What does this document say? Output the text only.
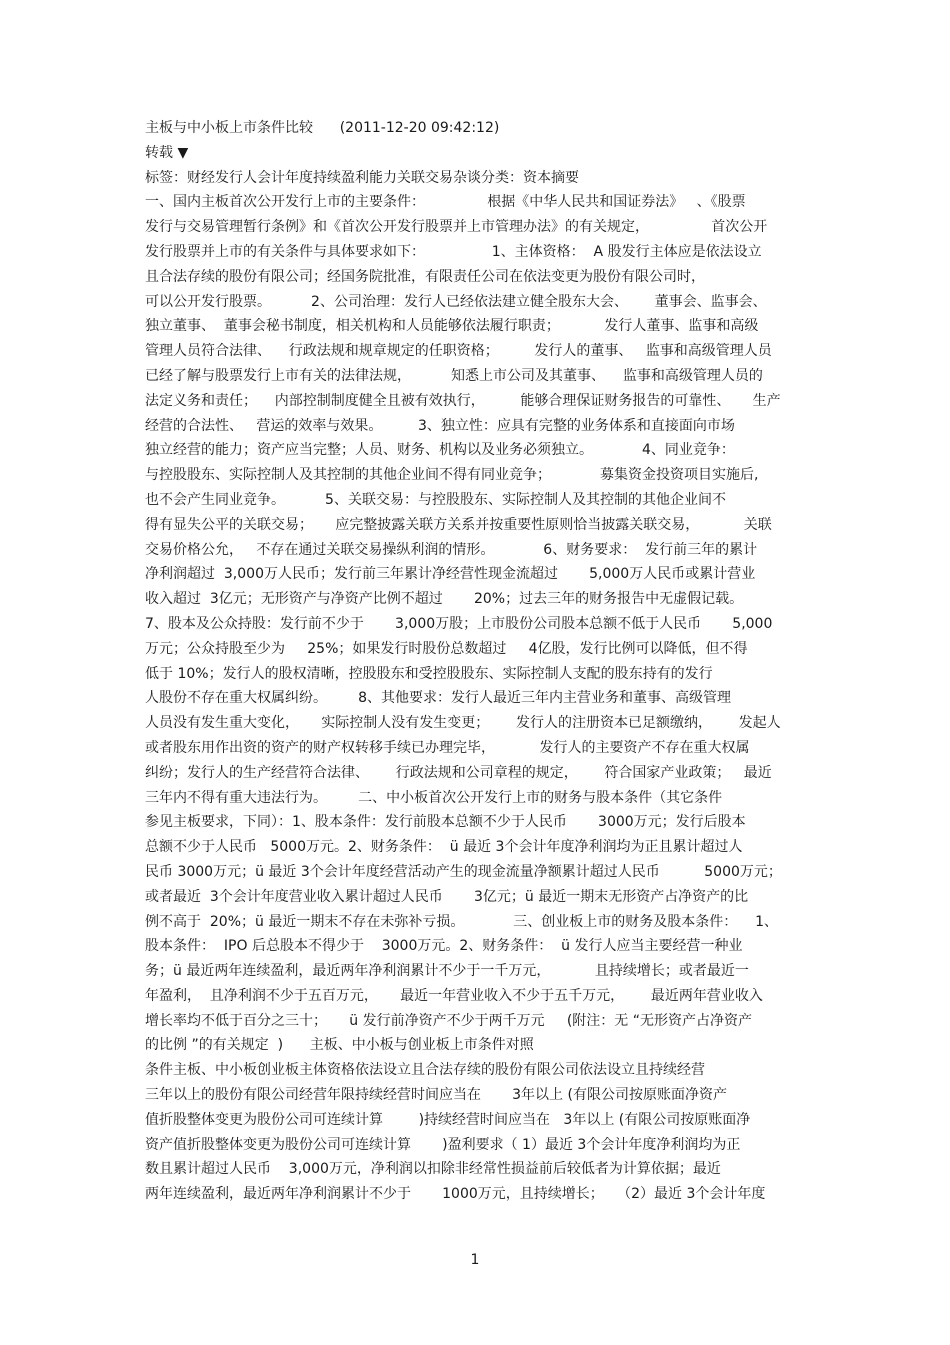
主板与中小板上市条件比较      (2011-12-20 09:42:12)
转载 ▼
标签：财经发行人会计年度持续盈利能力关联交易杂谈分类：资本摘要
一、国内主板首次公开发行上市的主要条件：              根据《中华人民共和国证券法》   、《股票
发行与交易管理暂行条例》和《首次公开发行股票并上市管理办法》的有关规定，              首次公开
发行股票并上市的有关条件与具体要求如下：               1、主体资格：  A 股发行主体应是依法设立
且合法存续的股份有限公司；经国务院批准，有限责任公司在依法变更为股份有限公司时，
可以公开发行股票。         2、公司治理：发行人已经依法建立健全股东大会、      董事会、监事会、
独立董事、  董事会秘书制度，相关机构和人员能够依法履行职责；          发行人董事、监事和高级
管理人员符合法律、    行政法规和规章规定的任职资格；        发行人的董事、   监事和高级管理人员
已经了解与股票发行上市有关的法律法规，         知悉上市公司及其董事、    监事和高级管理人员的
法定义务和责任；    内部控制制度健全且被有效执行，        能够合理保证财务报告的可靠性、     生产
经营的合法性、   营运的效率与效果。        3、独立性：应具有完整的业务体系和直接面向市场
独立经营的能力；资产应当完整；人员、财务、机构以及业务必须独立。           4、同业竞争：
与控股股东、实际控制人及其控制的其他企业间不得有同业竞争；           募集资金投资项目实施后,
也不会产生同业竞争。         5、关联交易：与控股股东、实际控制人及其控制的其他企业间不
得有显失公平的关联交易；     应完整披露关联方关系并按重要性原则恰当披露关联交易，          关联
交易价格公允，   不存在通过关联交易操纵利润的情形。           6、财务要求：  发行前三年的累计
净利润超过  3,000万人民币；发行前三年累计净经营性现金流超过       5,000万人民币或累计营业
收入超过  3亿元；无形资产与净资产比例不超过       20%；过去三年的财务报告中无虚假记载。
7、股本及公众持股：发行前不少于       3,000万股；上市股份公司股本总额不低于人民币       5,000
万元；公众持股至少为     25%；如果发行时股份总数超过     4亿股，发行比例可以降低，但不得
低于 10%；发行人的股权清晰，控股股东和受控股股东、实际控制人支配的股东持有的发行
人股份不存在重大权属纠纷。       8、其他要求：发行人最近三年内主营业务和董事、高级管理
人员没有发生重大变化，     实际控制人没有发生变更；      发行人的注册资本已足额缴纳，      发起人
或者股东用作出资的资产的财产权转移手续已办理完毕，          发行人的主要资产不存在重大权属
纠纷；发行人的生产经营符合法律、      行政法规和公司章程的规定，      符合国家产业政策；   最近
三年内不得有重大违法行为。       二、中小板首次公开发行上市的财务与股本条件（其它条件
参见主板要求，下同）：1、股本条件：发行前股本总额不少于人民币       3000万元；发行后股本
总额不少于人民币   5000万元。2、财务条件：  ü 最近 3个会计年度净利润均为正且累计超过人
民币 3000万元；ü 最近 3个会计年度经营活动产生的现金流量净额累计超过人民币          5000万元；
或者最近  3个会计年度营业收入累计超过人民币       3亿元；ü 最近一期末无形资产占净资产的比
例不高于  20%；ü 最近一期末不存在未弥补亏损。           三、创业板上市的财务及股本条件：    1、
股本条件：  IPO 后总股本不得少于    3000万元。2、财务条件：  ü 发行人应当主要经营一种业
务；ü 最近两年连续盈利，最近两年净利润累计不少于一千万元，          且持续增长；或者最近一
年盈利，  且净利润不少于五百万元，     最近一年营业收入不少于五千万元，      最近两年营业收入
增长率均不低于百分之三十；     ü 发行前净资产不少于两千万元     (附注：无 “无形资产占净资产
的比例 ”的有关规定  )      主板、中小板与创业板上市条件对照
条件主板、中小板创业板主体资格依法设立且合法存续的股份有限公司依法设立且持续经营
三年以上的股份有限公司经营年限持续经营时间应当在       3年以上 (有限公司按原账面净资产
值折股整体变更为股份公司可连续计算        )持续经营时间应当在   3年以上 (有限公司按原账面净
资产值折股整体变更为股份公司可连续计算       )盈利要求（ 1）最近 3个会计年度净利润均为正
数且累计超过人民币    3,000万元，净利润以扣除非经常性损益前后较低者为计算依据；最近
两年连续盈利，最近两年净利润累计不少于       1000万元，且持续增长；   （2）最近 3个会计年度
1
